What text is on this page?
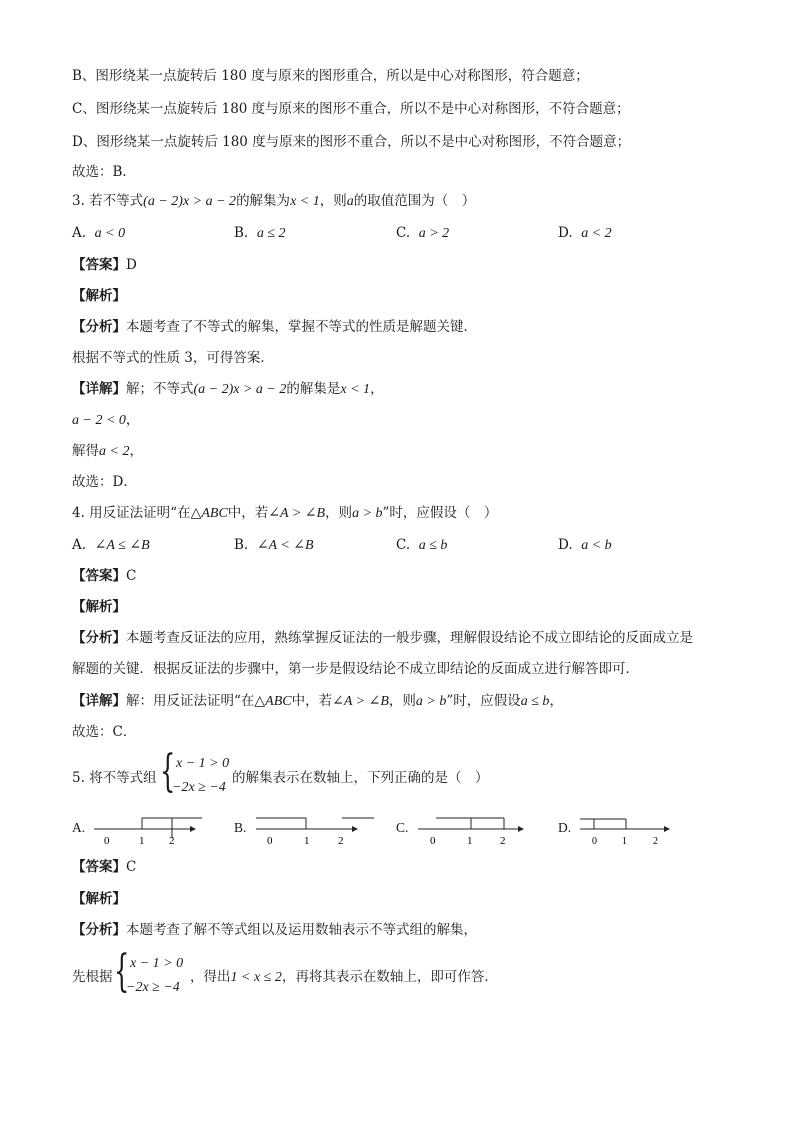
B、图形绕某一点旋转后 180 度与原来的图形重合，所以是中心对称图形，符合题意；
C、图形绕某一点旋转后 180 度与原来的图形不重合，所以不是中心对称图形，不符合题意；
D、图形绕某一点旋转后 180 度与原来的图形不重合，所以不是中心对称图形，不符合题意；
故选：B．
3. 若不等式(a − 2)x > a − 2的解集为x < 1，则a的取值范围为（　）
A. a < 0	B. a ≤ 2	C. a > 2	D. a < 2
【答案】D
【解析】
【分析】本题考查了不等式的解集，掌握不等式的性质是解题关键．
根据不等式的性质 3，可得答案．
【详解】解；不等式(a − 2)x > a − 2的解集是x < 1，
a − 2 < 0，
解得a < 2，
故选：D．
4. 用反证法证明“在△ABC中，若∠A > ∠B，则a > b”时，应假设（　）
A. ∠A ≤ ∠B	B. ∠A < ∠B	C. a ≤ b	D. a < b
【答案】C
【解析】
【分析】本题考查反证法的应用，熟练掌握反证法的一般步骤，理解假设结论不成立即结论的反面成立是
解题的关键．根据反证法的步骤中，第一步是假设结论不成立即结论的反面成立进行解答即可．
【详解】解：用反证法证明“在△ABC中，若∠A > ∠B，则a > b”时，应假设a ≤ b，
故选：C．
5. 将不等式组 { x − 1 > 0
−2x ≥ −4
的解集表示在数轴上，下列正确的是（　）
A.
0	1 2
B.
0	1	2
C.
0	1	2
D.
0	1	2
【答案】C
【解析】
【分析】本题考查了解不等式组以及运用数轴表示不等式组的解集，
先根据 { x − 1 > 0
−2x ≥ −4
，得出1 < x ≤ 2，再将其表示在数轴上，即可作答．
